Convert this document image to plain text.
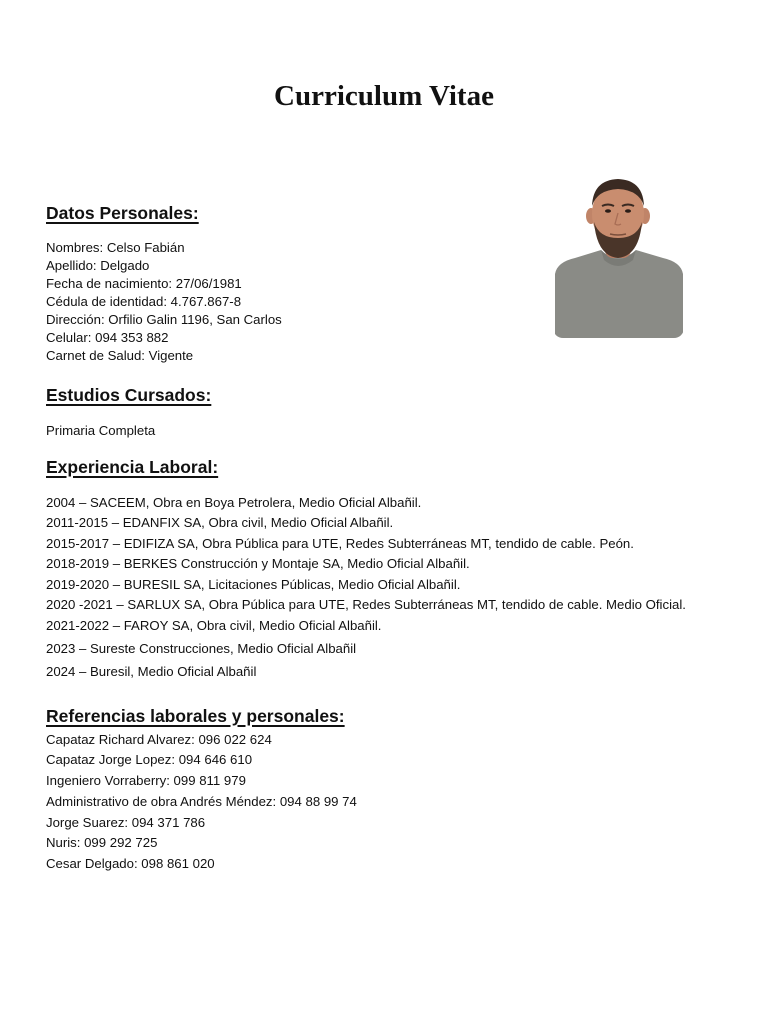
Curriculum Vitae
Datos Personales:
Nombres: Celso Fabián
Apellido: Delgado
Fecha de nacimiento: 27/06/1981
Cédula de identidad: 4.767.867-8
Dirección: Orfilio Galin 1196, San Carlos
Celular: 094 353 882
Carnet de Salud: Vigente
Estudios Cursados:
Primaria Completa
Experiencia Laboral:
2004 – SACEEM, Obra en Boya Petrolera, Medio Oficial Albañil.
2011-2015 – EDANFIX SA, Obra civil, Medio Oficial Albañil.
2015-2017 – EDIFIZA SA, Obra Pública para UTE, Redes Subterráneas MT, tendido de cable. Peón.
2018-2019 – BERKES Construcción y Montaje SA, Medio Oficial Albañil.
2019-2020 – BURESIL SA, Licitaciones Públicas, Medio Oficial Albañil.
2020 -2021 – SARLUX SA, Obra Pública para UTE, Redes Subterráneas MT, tendido de cable. Medio Oficial.
2021-2022 – FAROY SA, Obra civil, Medio Oficial Albañil.
2023 – Sureste Construcciones, Medio Oficial Albañil
2024 – Buresil, Medio Oficial Albañil
Referencias laborales y personales:
Capataz Richard Alvarez: 096 022 624
Capataz Jorge Lopez: 094 646 610
Ingeniero Vorraberry: 099 811 979
Administrativo de obra Andrés Méndez: 094 88 99 74
Jorge Suarez: 094 371 786
Nuris: 099 292 725
Cesar Delgado: 098 861 020
